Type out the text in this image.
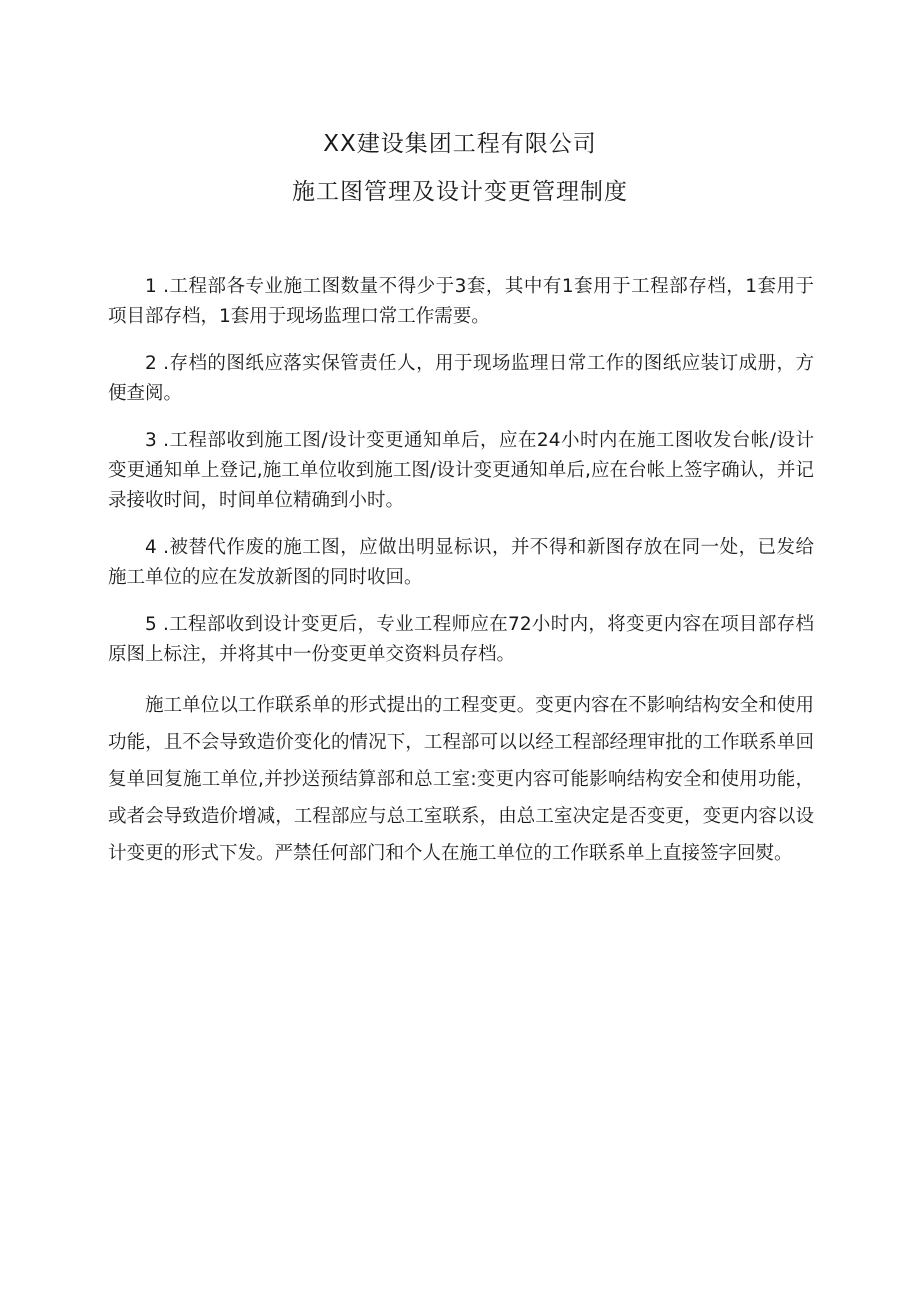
XX建设集团工程有限公司
施工图管理及设计变更管理制度

1 .工程部各专业施工图数量不得少于3套，其中有1套用于工程部存档，1套用于项目部存档，1套用于现场监理口常工作需要。

2 .存档的图纸应落实保管责任人，用于现场监理日常工作的图纸应装订成册，方便查阅。

3 .工程部收到施工图/设计变更通知单后，应在24小时内在施工图收发台帐/设计变更通知单上登记,施工单位收到施工图/设计变更通知单后,应在台帐上签字确认，并记录接收时间，时间单位精确到小时。

4 .被替代作废的施工图，应做出明显标识，并不得和新图存放在同一处，已发给施工单位的应在发放新图的同时收回。

5 .工程部收到设计变更后，专业工程师应在72小时内，将变更内容在项目部存档原图上标注，并将其中一份变更单交资料员存档。

施工单位以工作联系单的形式提出的工程变更。变更内容在不影响结构安全和使用功能，且不会导致造价变化的情况下，工程部可以以经工程部经理审批的工作联系单回复单回复施工单位,并抄送预结算部和总工室:变更内容可能影响结构安全和使用功能，或者会导致造价增减，工程部应与总工室联系，由总工室决定是否变更，变更内容以设计变更的形式下发。严禁任何部门和个人在施工单位的工作联系单上直接签字回熨。
